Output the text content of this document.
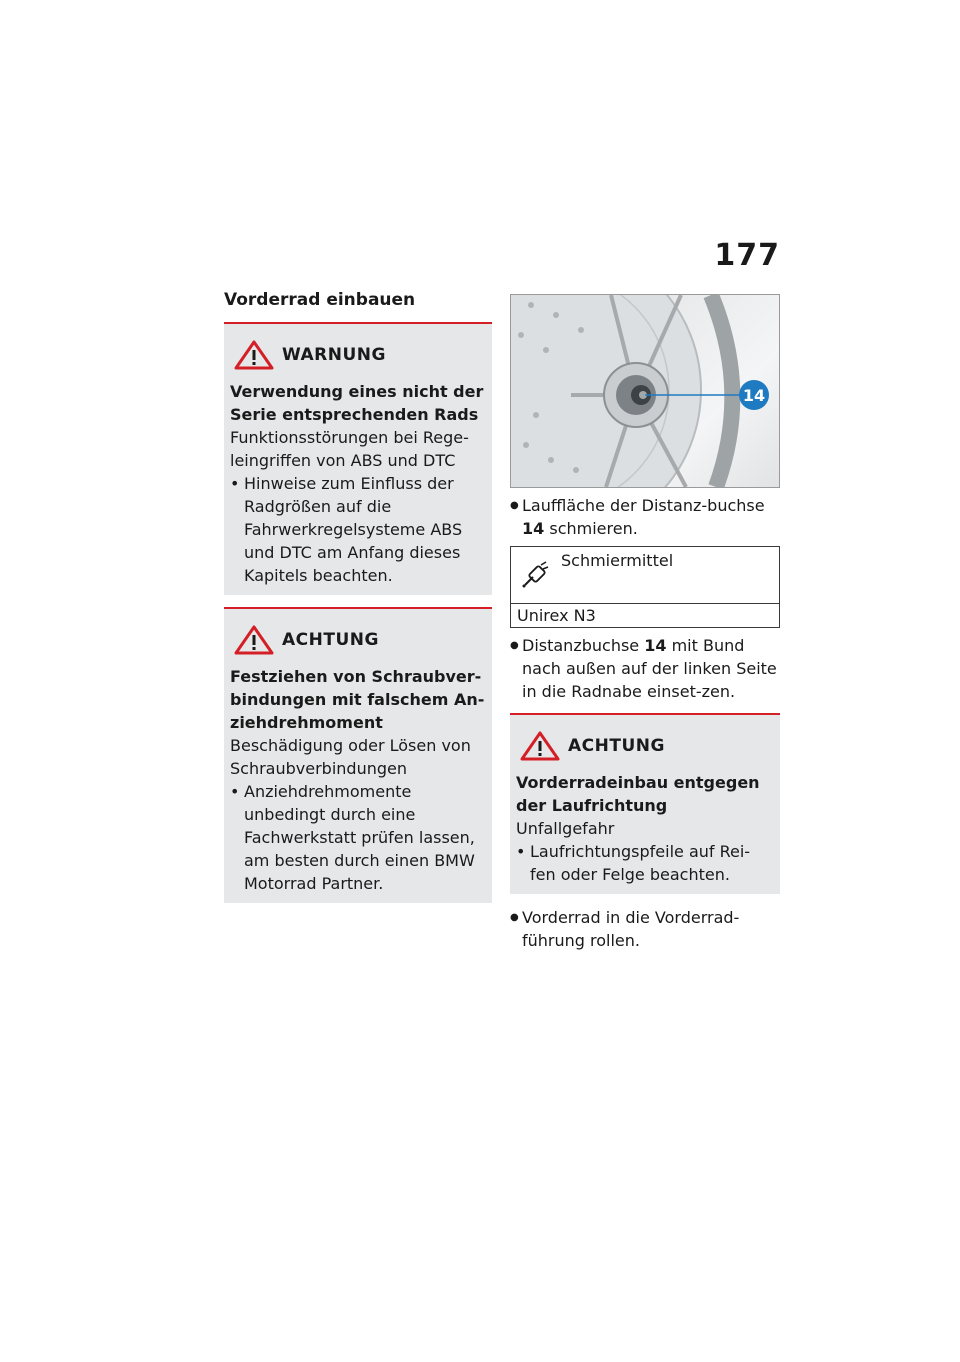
177
Vorderrad einbauen
WARNUNG
Verwendung eines nicht der Serie entsprechenden Rads
Funktionsstörungen bei Rege-leingriffen von ABS und DTC
• Hinweise zum Einfluss der Radgrößen auf die Fahrwerkregelsysteme ABS und DTC am Anfang dieses Kapitels beachten.
ACHTUNG
Festziehen von Schraubver-bindungen mit falschem An-ziehdrehmoment
Beschädigung oder Lösen von Schraubverbindungen
• Anziehdrehmomente unbedingt durch eine Fachwerkstatt prüfen lassen, am besten durch einen BMW Motorrad Partner.
14
● Lauffläche der Distanz-buchse 14 schmieren.
Schmiermittel
Unirex N3
● Distanzbuchse 14 mit Bund nach außen auf der linken Seite in die Radnabe einset-zen.
ACHTUNG
Vorderradeinbau entgegen der Laufrichtung
Unfallgefahr
• Laufrichtungspfeile auf Rei-fen oder Felge beachten.
● Vorderrad in die Vorderrad-führung rollen.
